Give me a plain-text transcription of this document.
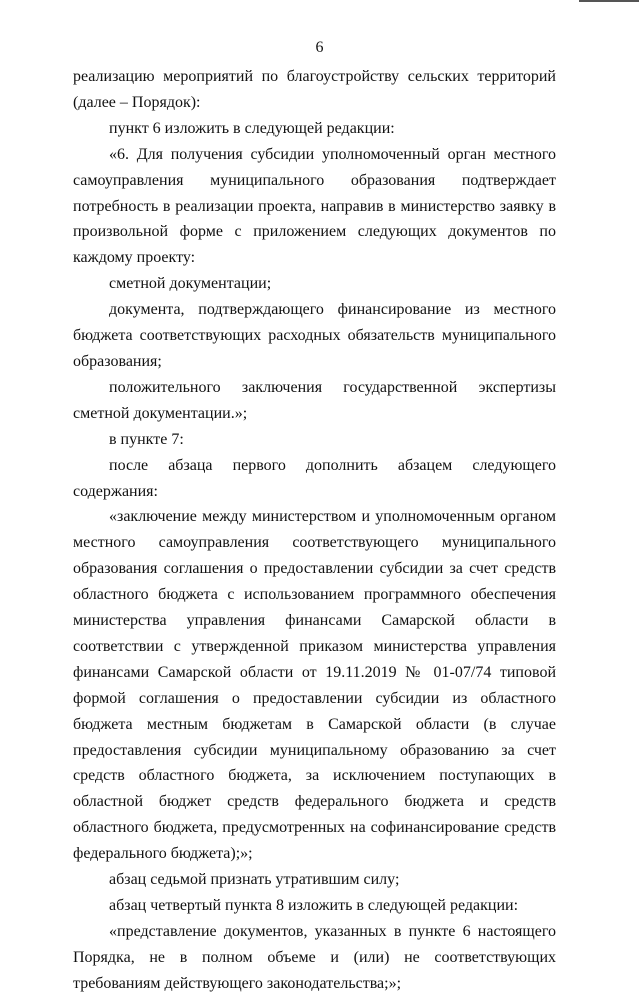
6

реализацию мероприятий по благоустройству сельских территорий (далее – Порядок):

пункт 6 изложить в следующей редакции:

«6. Для получения субсидии уполномоченный орган местного самоуправления муниципального образования подтверждает потребность в реализации проекта, направив в министерство заявку в произвольной форме с приложением следующих документов по каждому проекту:

сметной документации;

документа, подтверждающего финансирование из местного бюджета соответствующих расходных обязательств муниципального образования;

положительного заключения государственной экспертизы сметной документации.»;

в пункте 7:

после абзаца первого дополнить абзацем следующего содержания:

«заключение между министерством и уполномоченным органом местного самоуправления соответствующего муниципального образования соглашения о предоставлении субсидии за счет средств областного бюджета с использованием программного обеспечения министерства управления финансами Самарской области в соответствии с утвержденной приказом министерства управления финансами Самарской области от 19.11.2019 № 01-07/74 типовой формой соглашения о предоставлении субсидии из областного бюджета местным бюджетам в Самарской области (в случае предоставления субсидии муниципальному образованию за счет средств областного бюджета, за исключением поступающих в областной бюджет средств федерального бюджета и средств областного бюджета, предусмотренных на софинансирование средств федерального бюджета);»;

абзац седьмой признать утратившим силу;

абзац четвертый пункта 8 изложить в следующей редакции:

«представление документов, указанных в пункте 6 настоящего Порядка, не в полном объеме и (или) не соответствующих требованиям действующего законодательства;»;
